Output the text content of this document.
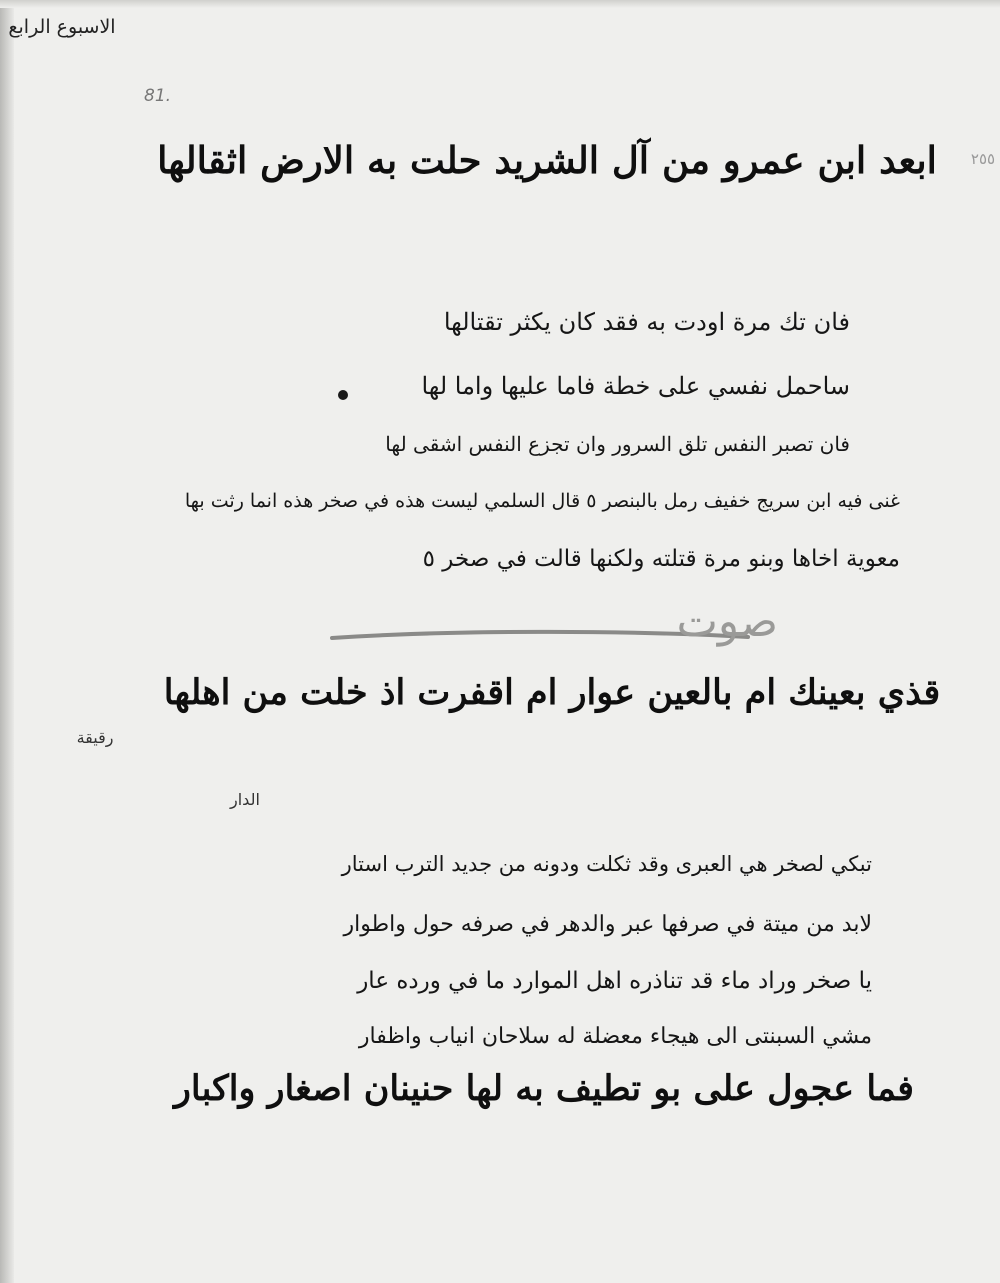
الاسبوع الرابع
81.
٢٥٥
ابعد ابن عمرو من آل الشريد حلت به الارض اثقالها
فان تك مرة اودت به فقد كان يكثر تقتالها
ساحمل نفسي على خطة فاما عليها واما لها
فان تصبر النفس تلق السرور وان تجزع النفس اشقى لها
غنى فيه ابن سريج خفيف رمل بالبنصر ٥ قال السلمي ليست هذه في صخر هذه انما رثت بها
معوية اخاها وبنو مرة قتلته ولكنها قالت في صخر ٥
صوت
رقيقة
قذي بعينك ام بالعين عوار ام اقفرت اذ خلت من اهلها
الدار
تبكي لصخر هي العبرى وقد ثكلت ودونه من جديد الترب استار
لابد من ميتة في صرفها عبر والدهر في صرفه حول واطوار
يا صخر وراد ماء قد تناذره اهل الموارد ما في ورده عار
مشي السبنتى الى هيجاء معضلة له سلاحان انياب واظفار
فما عجول على بو تطيف به لها حنينان اصغار واكبار
